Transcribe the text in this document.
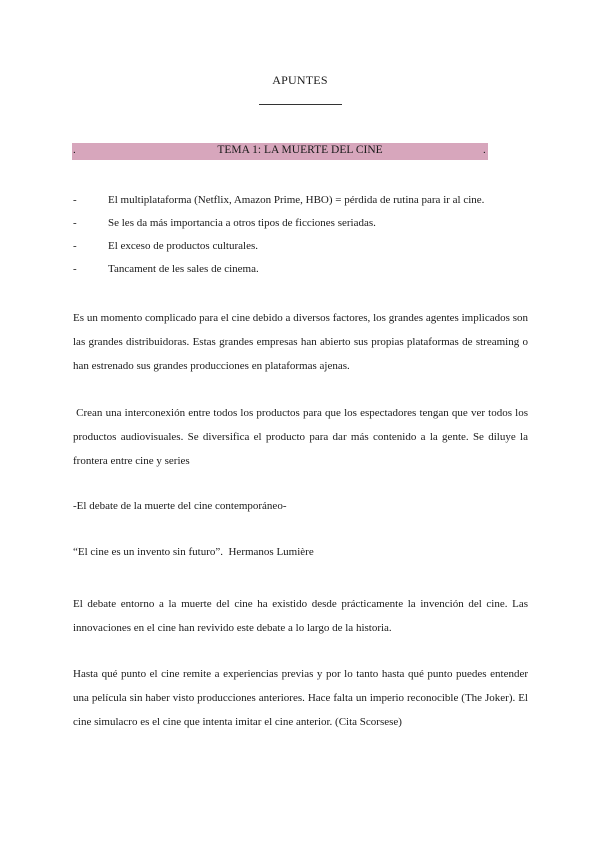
APUNTES
.	TEMA 1: LA MUERTE DEL CINE	.
-	El multiplataforma (Netflix, Amazon Prime, HBO) = pérdida de rutina para ir al cine.
-	Se les da más importancia a otros tipos de ficciones seriadas.
-	El exceso de productos culturales.
-	Tancament de les sales de cinema.
Es un momento complicado para el cine debido a diversos factores, los grandes agentes implicados son las grandes distribuidoras. Estas grandes empresas han abierto sus propias plataformas de streaming o han estrenado sus grandes producciones en plataformas ajenas.
Crean una interconexión entre todos los productos para que los espectadores tengan que ver todos los productos audiovisuales. Se diversifica el producto para dar más contenido a la gente. Se diluye la frontera entre cine y series
-El debate de la muerte del cine contemporáneo-
“El cine es un invento sin futuro”.  Hermanos Lumière
El debate entorno a la muerte del cine ha existido desde prácticamente la invención del cine. Las innovaciones en el cine han revivido este debate a lo largo de la historia.
Hasta qué punto el cine remite a experiencias previas y por lo tanto hasta qué punto puedes entender una película sin haber visto producciones anteriores. Hace falta un imperio reconocible (The Joker). El cine simulacro es el cine que intenta imitar el cine anterior. (Cita Scorsese)
